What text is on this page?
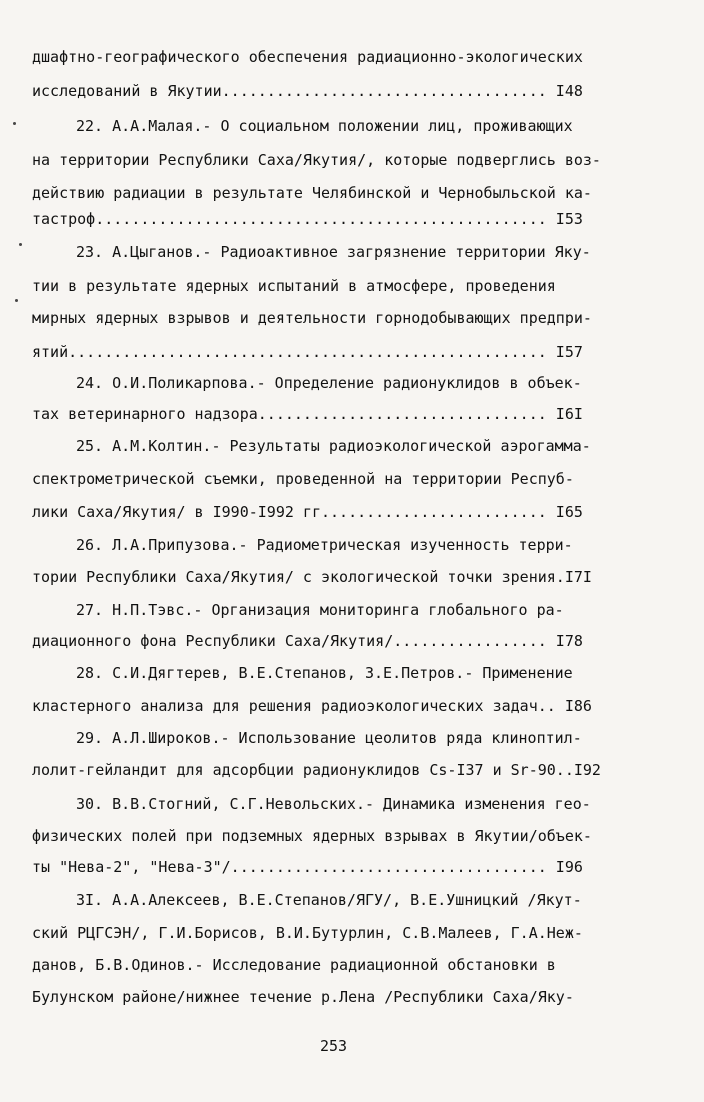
дшафтно-географического обеспечения радиационно-экологических
исследований в Якутии.................................... I48
22. А.А.Малая.- О социальном положении лиц, проживающих
на территории Республики Саха/Якутия/, которые подверглись воз-
действию радиации в результате Челябинской и Чернобыльской ка-
тастроф.................................................. I53
23. А.Цыганов.- Радиоактивное загрязнение территории Яку-
тии в результате ядерных испытаний в атмосфере, проведения
мирных ядерных взрывов и деятельности горнодобывающих предпри-
ятий..................................................... I57
24. О.И.Поликарпова.- Определение радионуклидов в объек-
тах ветеринарного надзора................................ I6I
25. А.М.Колтин.- Результаты радиоэкологической аэрогамма-
спектрометрической съемки, проведенной на территории Респуб-
лики Саха/Якутия/ в I990-I992 гг......................... I65
26. Л.А.Припузова.- Радиометрическая изученность терри-
тории Республики Саха/Якутия/ с экологической точки зрения.I7I
27. Н.П.Тэвс.- Организация мониторинга глобального ра-
диационного фона Республики Саха/Якутия/................. I78
28. С.И.Дягтерев, В.Е.Степанов, З.Е.Петров.- Применение
кластерного анализа для решения радиоэкологических задач.. I86
29. А.Л.Широков.- Использование цеолитов ряда клиноптил-
лолит-гейландит для адсорбции радионуклидов Cs-I37 и Sr-90..I92
30. В.В.Стогний, С.Г.Невольских.- Динамика изменения гео-
физических полей при подземных ядерных взрывах в Якутии/объек-
ты "Нева-2", "Нева-3"/................................... I96
3I. А.А.Алексеев, В.Е.Степанов/ЯГУ/, В.Е.Ушницкий /Якут-
ский РЦГСЭН/, Г.И.Борисов, В.И.Бутурлин, С.В.Малеев, Г.А.Неж-
данов, Б.В.Одинов.- Исследование радиационной обстановки в
Булунском районе/нижнее течение р.Лена /Республики Саха/Яку-
253
